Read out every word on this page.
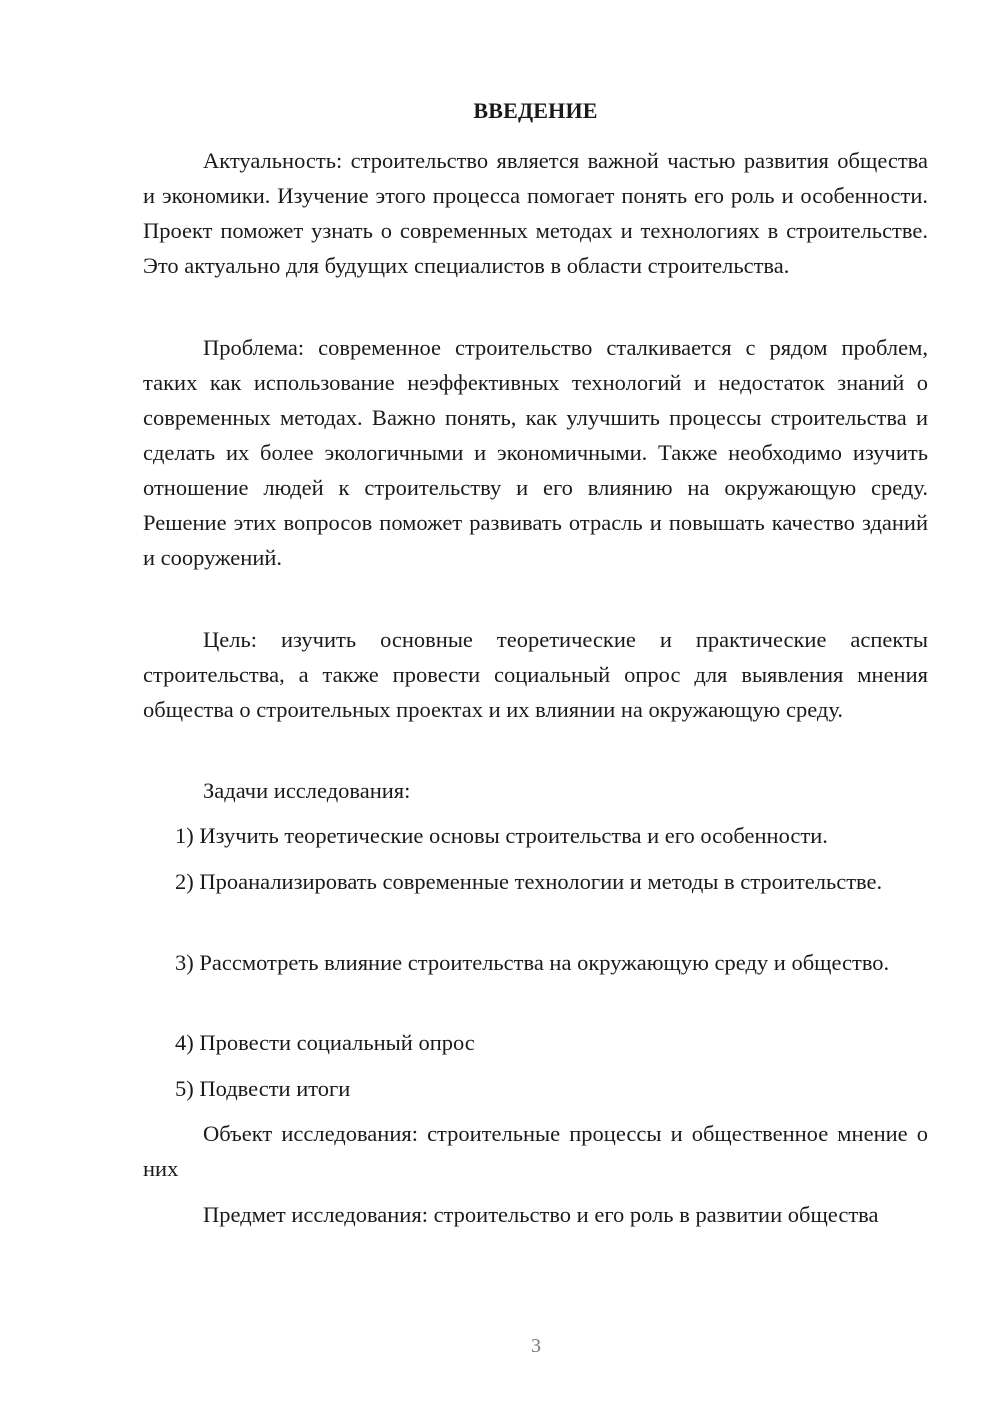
ВВЕДЕНИЕ

Актуальность: строительство является важной частью развития общества и экономики. Изучение этого процесса помогает понять его роль и особенности. Проект поможет узнать о современных методах и технологиях в строительстве. Это актуально для будущих специалистов в области строительства.

Проблема: современное строительство сталкивается с рядом проблем, таких как использование неэффективных технологий и недостаток знаний о современных методах. Важно понять, как улучшить процессы строительства и сделать их более экологичными и экономичными. Также необходимо изучить отношение людей к строительству и его влиянию на окружающую среду. Решение этих вопросов поможет развивать отрасль и повышать качество зданий и сооружений.

Цель: изучить основные теоретические и практические аспекты строительства, а также провести социальный опрос для выявления мнения общества о строительных проектах и их влиянии на окружающую среду.

Задачи исследования:

1) Изучить теоретические основы строительства и его особенности.

2) Проанализировать современные технологии и методы в строительстве.

3) Рассмотреть влияние строительства на окружающую среду и общество.

4) Провести социальный опрос

5) Подвести итоги

Объект исследования: строительные процессы и общественное мнение о них

Предмет исследования: строительство и его роль в развитии общества

3
